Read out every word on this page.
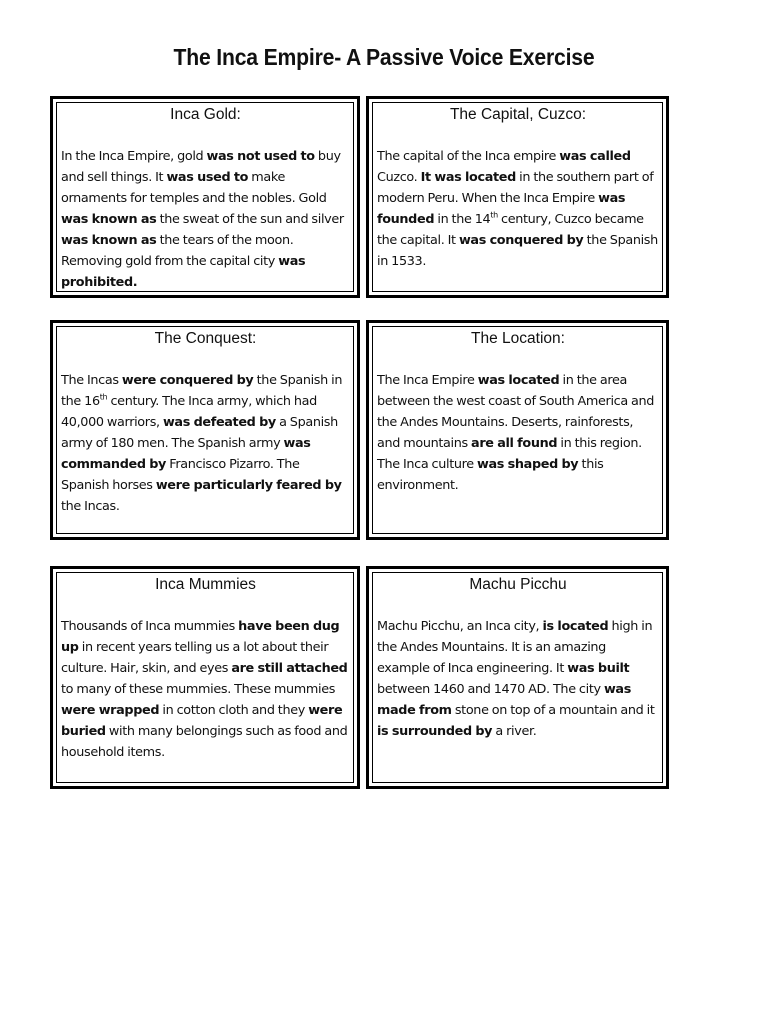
The Inca Empire- A Passive Voice Exercise
Inca Gold:
In the Inca Empire, gold was not used to buy and sell things. It was used to make ornaments for temples and the nobles. Gold was known as the sweat of the sun and silver was known as the tears of the moon. Removing gold from the capital city was prohibited.
The Capital, Cuzco:
The capital of the Inca empire was called Cuzco. It was located in the southern part of modern Peru. When the Inca Empire was founded in the 14th century, Cuzco became the capital. It was conquered by the Spanish in 1533.
The Conquest:
The Incas were conquered by the Spanish in the 16th century. The Inca army, which had 40,000 warriors, was defeated by a Spanish army of 180 men. The Spanish army was commanded by Francisco Pizarro. The Spanish horses were particularly feared by the Incas.
The Location:
The Inca Empire was located in the area between the west coast of South America and the Andes Mountains. Deserts, rainforests, and mountains are all found in this region. The Inca culture was shaped by this environment.
Inca Mummies
Thousands of Inca mummies have been dug up in recent years telling us a lot about their culture. Hair, skin, and eyes are still attached to many of these mummies. These mummies were wrapped in cotton cloth and they were buried with many belongings such as food and household items.
Machu Picchu
Machu Picchu, an Inca city, is located high in the Andes Mountains. It is an amazing example of Inca engineering. It was built between 1460 and 1470 AD. The city was made from stone on top of a mountain and it is surrounded by a river.
